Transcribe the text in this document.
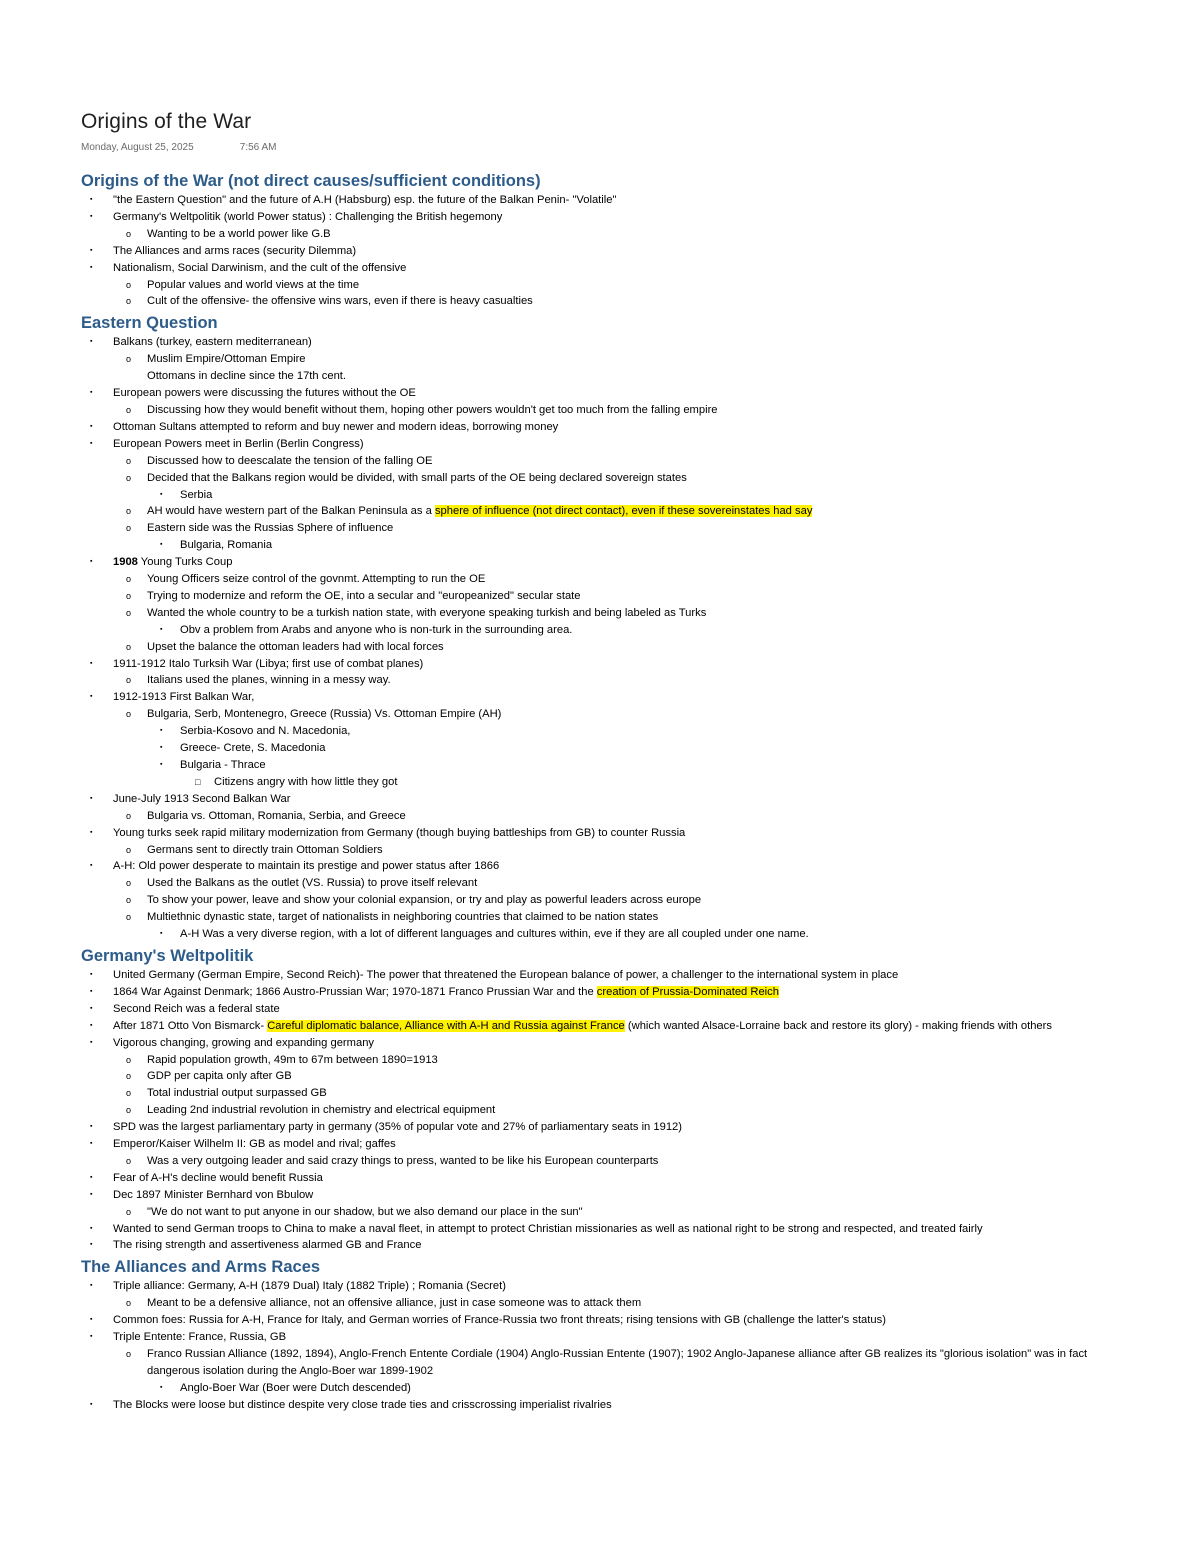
Origins of the War
Monday, August 25, 2025	7:56 AM
Origins of the War (not direct causes/sufficient conditions)
▪ "the Eastern Question" and the future of A.H (Habsburg) esp. the future of the Balkan Penin- "Volatile"
▪ Germany's Weltpolitik (world Power status) : Challenging the British hegemony
o Wanting to be a world power like G.B
▪ The Alliances and arms races (security Dilemma)
▪ Nationalism, Social Darwinism, and the cult of the offensive
o Popular values and world views at the time
o Cult of the offensive- the offensive wins wars, even if there is heavy casualties
Eastern Question
▪ Balkans (turkey, eastern mediterranean)
o Muslim Empire/Ottoman Empire
Ottomans in decline since the 17th cent.
▪ European powers were discussing the futures without the OE
o Discussing how they would benefit without them, hoping other powers wouldn't get too much from the falling empire
▪ Ottoman Sultans attempted to reform and buy newer and modern ideas, borrowing money
▪ European Powers meet in Berlin (Berlin Congress)
o Discussed how to deescalate the tension of the falling OE
o Decided that the Balkans region would be divided, with small parts of the OE being declared sovereign states
▪ Serbia
o AH would have western part of the Balkan Peninsula as a sphere of influence (not direct contact), even if these sovereinstates had say
o Eastern side was the Russias Sphere of influence
▪ Bulgaria, Romania
▪ 1908 Young Turks Coup
o Young Officers seize control of the govnmt. Attempting to run the OE
o Trying to modernize and reform the OE, into a secular and "europeanized" secular state
o Wanted the whole country to be a turkish nation state, with everyone speaking turkish and being labeled as Turks
▪ Obv a problem from Arabs and anyone who is non-turk in the surrounding area.
o Upset the balance the ottoman leaders had with local forces
▪ 1911-1912 Italo Turksih War (Libya; first use of combat planes)
o Italians used the planes, winning in a messy way.
▪ 1912-1913 First Balkan War,
o Bulgaria, Serb, Montenegro, Greece (Russia) Vs. Ottoman Empire (AH)
▪ Serbia-Kosovo and N. Macedonia,
▪ Greece- Crete, S. Macedonia
▪ Bulgaria - Thrace
□ Citizens angry with how little they got
▪ June-July 1913 Second Balkan War
o Bulgaria vs. Ottoman, Romania, Serbia, and Greece
▪ Young turks seek rapid military modernization from Germany (though buying battleships from GB) to counter Russia
o Germans sent to directly train Ottoman Soldiers
▪ A-H: Old power desperate to maintain its prestige and power status after 1866
o Used the Balkans as the outlet (VS. Russia) to prove itself relevant
o To show your power, leave and show your colonial expansion, or try and play as powerful leaders across europe
o Multiethnic dynastic state, target of nationalists in neighboring countries that claimed to be nation states
▪ A-H Was a very diverse region, with a lot of different languages and cultures within, eve if they are all coupled under one name.
Germany's Weltpolitik
▪ United Germany (German Empire, Second Reich)- The power that threatened the European balance of power, a challenger to the international system in place
▪ 1864 War Against Denmark; 1866 Austro-Prussian War; 1970-1871 Franco Prussian War and the creation of Prussia-Dominated Reich
▪ Second Reich was a federal state
▪ After 1871 Otto Von Bismarck- Careful diplomatic balance, Alliance with A-H and Russia against France (which wanted Alsace-Lorraine back and restore its glory) - making friends with others
▪ Vigorous changing, growing and expanding germany
o Rapid population growth, 49m to 67m between 1890=1913
o GDP per capita only after GB
o Total industrial output surpassed GB
o Leading 2nd industrial revolution in chemistry and electrical equipment
▪ SPD was the largest parliamentary party in germany (35% of popular vote and 27% of parliamentary seats in 1912)
▪ Emperor/Kaiser Wilhelm II: GB as model and rival; gaffes
o Was a very outgoing leader and said crazy things to press, wanted to be like his European counterparts
▪ Fear of A-H's decline would benefit Russia
▪ Dec 1897 Minister Bernhard von Bbulow
o "We do not want to put anyone in our shadow, but we also demand our place in the sun"
▪ Wanted to send German troops to China to make a naval fleet, in attempt to protect Christian missionaries as well as national right to be strong and respected, and treated fairly
▪ The rising strength and assertiveness alarmed GB and France
The Alliances and Arms Races
▪ Triple alliance: Germany, A-H (1879 Dual) Italy (1882 Triple) ; Romania (Secret)
o Meant to be a defensive alliance, not an offensive alliance, just in case someone was to attack them
▪ Common foes: Russia for A-H, France for Italy, and German worries of France-Russia two front threats; rising tensions with GB (challenge the latter's status)
▪ Triple Entente: France, Russia, GB
o Franco Russian Alliance (1892, 1894), Anglo-French Entente Cordiale (1904) Anglo-Russian Entente (1907); 1902 Anglo-Japanese alliance after GB realizes its "glorious isolation" was in fact dangerous isolation during the Anglo-Boer war 1899-1902
▪ Anglo-Boer War (Boer were Dutch descended)
▪ The Blocks were loose but distince despite very close trade ties and crisscrossing imperialist rivalries
